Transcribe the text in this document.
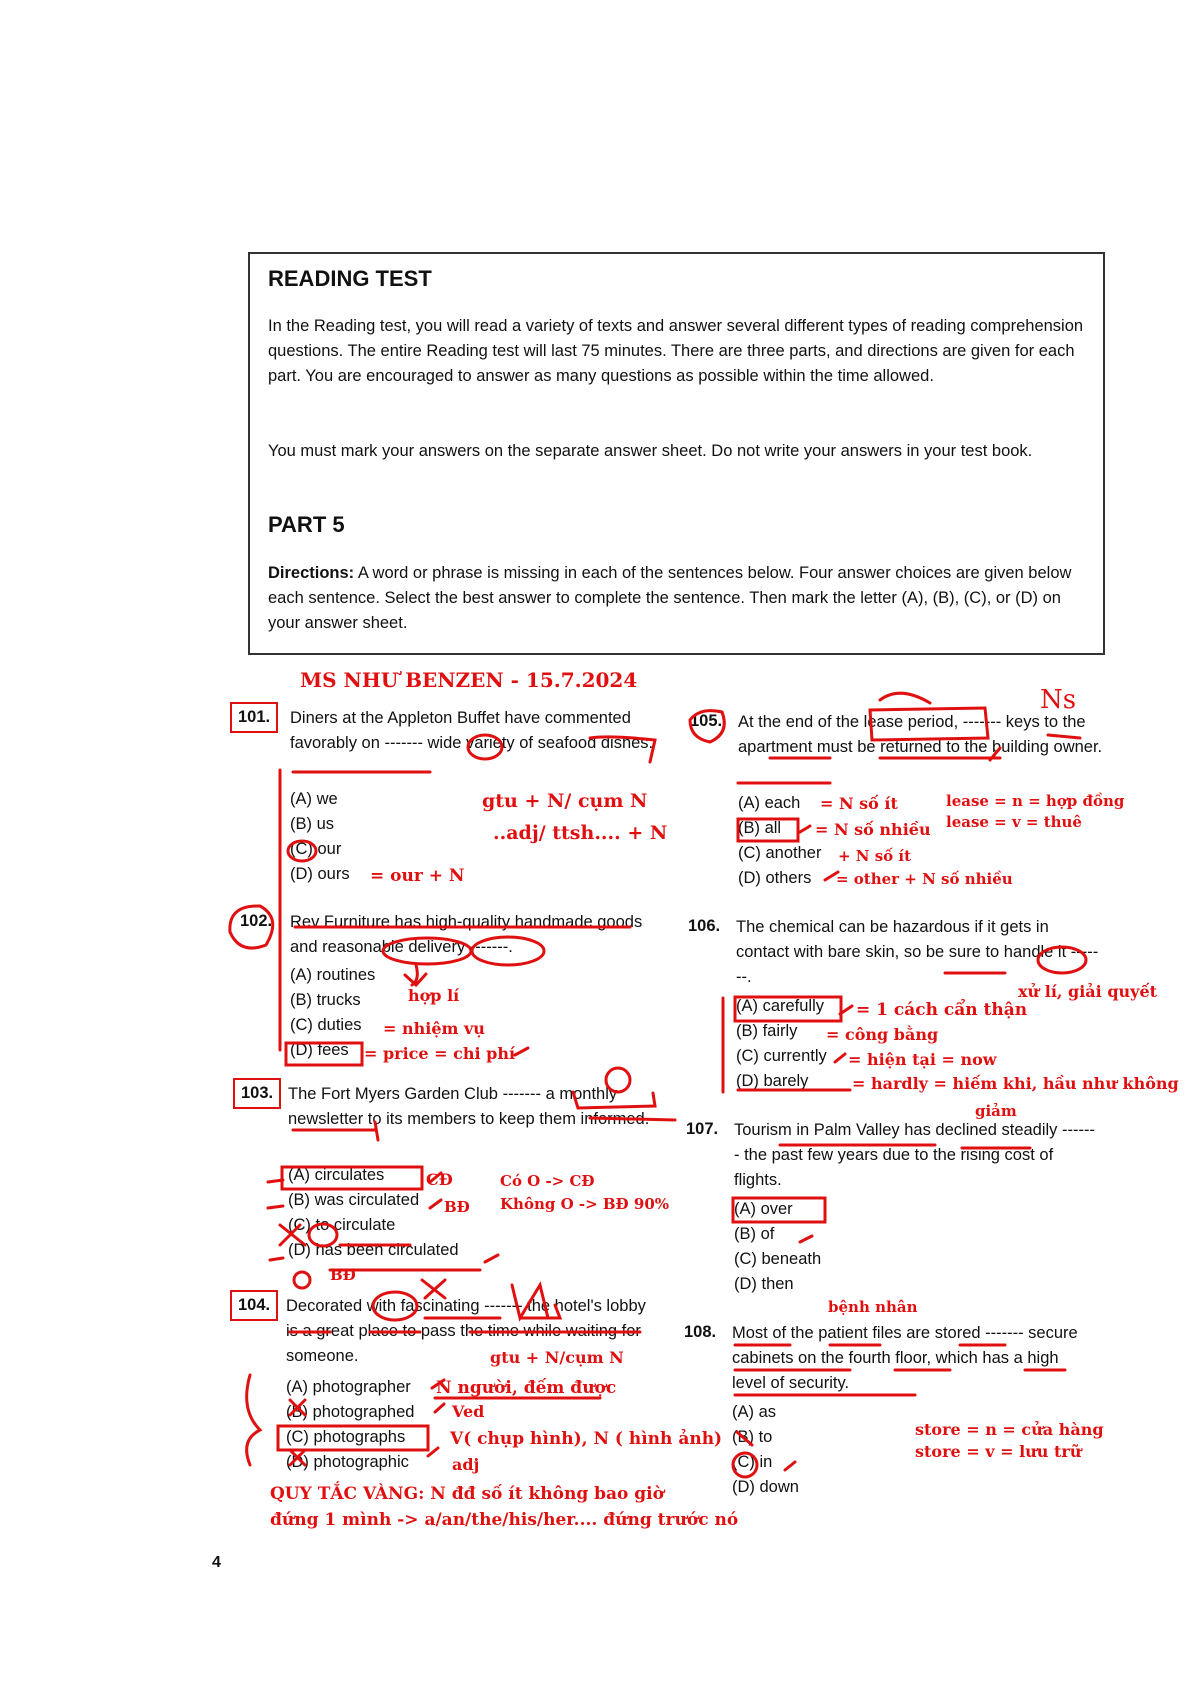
READING TEST

In the Reading test, you will read a variety of texts and answer several different types of reading comprehension questions. The entire Reading test will last 75 minutes. There are three parts, and directions are given for each part. You are encouraged to answer as many questions as possible within the time allowed.

You must mark your answers on the separate answer sheet. Do not write your answers in your test book.

PART 5

Directions: A word or phrase is missing in each of the sentences below. Four answer choices are given below each sentence. Select the best answer to complete the sentence. Then mark the letter (A), (B), (C), or (D) on your answer sheet.

MS NHƯ BENZEN - 15.7.2024
101.	Diners at the Appleton Buffet have commented favorably on ------- wide variety of seafood dishes.
(A) we
(B) us
(C) our
(D) ours
102. Rev Furniture has high-quality handmade goods and reasonable delivery -------.
(A) routines
(B) trucks
(C) duties
(D) fees
103. The Fort Myers Garden Club ------- a monthly newsletter to its members to keep them informed.
(A) circulates
(B) was circulated
(C) to circulate
(D) has been circulated
104. Decorated with fascinating ------- the hotel's lobby is a great place to pass the time while waiting for someone.
(A) photographer
(B) photographed
(C) photographs
(D) photographic
105. At the end of the lease period, ------- keys to the apartment must be returned to the building owner.
(A) each
(B) all
(C) another
(D) others
106. The chemical can be hazardous if it gets in contact with bare skin, so be sure to handle it -------.
(A) carefully
(B) fairly
(C) currently
(D) barely
107. Tourism in Palm Valley has declined steadily ------- the past few years due to the rising cost of flights.
(A) over
(B) of
(C) beneath
(D) then
108. Most of the patient files are stored ------- secure cabinets on the fourth floor, which has a high level of security.
(A) as
(B) to
(C) in
(D) down
gtu + N/ cụm N
..adj/ ttsh.... + N
= our + N
hợp lí
= nhiệm vụ
= price = chi phí
CĐ
BĐ
Có O -> CĐ
Không O -> BĐ 90%
BĐ
gtu + N/cụm N
N người, đếm được
Ved
V( chụp hình), N ( hình ảnh)
adj
QUY TẮC VÀNG: N đđ số ít không bao giờ
đứng 1 mình -> a/an/the/his/her.... đứng trước nó
Ns
= N số ít
= N số nhiều
+ N số ít
= other + N số nhiều
lease = n = hợp đồng
lease = v = thuê
xử lí, giải quyết
= 1 cách cẩn thận
= công bằng
= hiện tại = now
= hardly = hiếm khi, hầu như không
giảm
bệnh nhân
store = n = cửa hàng
store = v = lưu trữ
4
